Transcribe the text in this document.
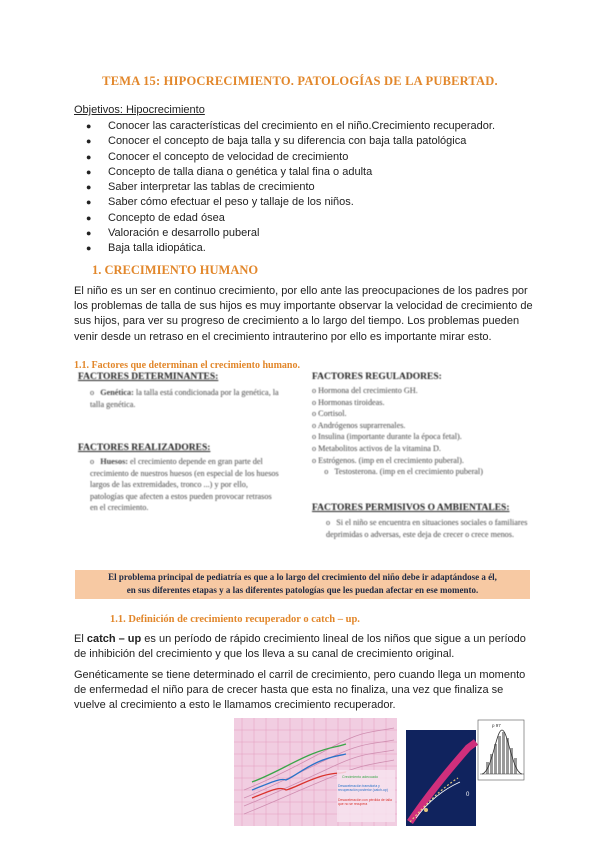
TEMA 15: HIPOCRECIMIENTO. PATOLOGÍAS DE LA PUBERTAD.
Objetivos: Hipocrecimiento
● Conocer las características del crecimiento en el niño.Crecimiento recuperador.
● Conocer el concepto de baja talla y su diferencia con baja talla patológica
● Conocer el concepto de velocidad de crecimiento
● Concepto de talla diana o genética y talal fina o adulta
● Saber interpretar las tablas de crecimiento
● Saber cómo efectuar el peso y tallaje de los niños.
● Concepto de edad ósea
● Valoración e desarrollo puberal
● Baja talla idiopática.
1. CRECIMIENTO HUMANO
El niño es un ser en continuo crecimiento, por ello ante las preocupaciones de los padres por los problemas de talla de sus hijos es muy importante observar la velocidad de crecimiento de sus hijos, para ver su progreso de crecimiento a lo largo del tiempo. Los problemas pueden venir desde un retraso en el crecimiento intrauterino por ello es importante mirar esto.
1.1. Factores que determinan el crecimiento humano.
FACTORES DETERMINANTES:
o Genética: la talla está condicionada por la genética, la talla genética.
FACTORES REGULADORES:
o Hormona del crecimiento GH.
o Hormonas tiroideas.
o Cortisol.
o Andrógenos suprarrenales.
o Insulina (importante durante la época fetal).
o Metabolitos activos de la vitamina D.
o Estrógenos. (imp en el crecimiento puberal).
o   Testosterona. (imp en el crecimiento puberal)
FACTORES REALIZADORES:
o Huesos: el crecimiento depende en gran parte del crecimiento de nuestros huesos (en especial de los huesos largos de las extremidades, tronco ...) y por ello, patologías que afecten a estos pueden provocar retrasos en el crecimiento.	FACTORES PERMISIVOS O AMBIENTALES:
o Si el niño se encuentra en situaciones sociales o familiares deprimidas o adversas, este deja de crecer o crece menos.
El problema principal de pediatría es que a lo largo del crecimiento del niño debe ir adaptándose a él,
en sus diferentes etapas y a las diferentes patologías que les puedan afectar en ese momento.
1.1. Definición de crecimiento recuperador o catch – up.
El catch – up es un período de rápido crecimiento lineal de los niños que sigue a un período de inhibición del crecimiento y que los lleva a su canal de crecimiento original.
Genéticamente se tiene determinado el carril de crecimiento, pero cuando llega un momento de enfermedad el niño para de crecer hasta que esta no finaliza, una vez que finaliza se vuelve al crecimiento a esto le llamamos crecimiento recuperador.
Crecimiento adecuado
Desaceleración transitoria y recuperación posterior (catch-up)
Desaceleración con pérdida de talla que no se recupera
0
p 97
